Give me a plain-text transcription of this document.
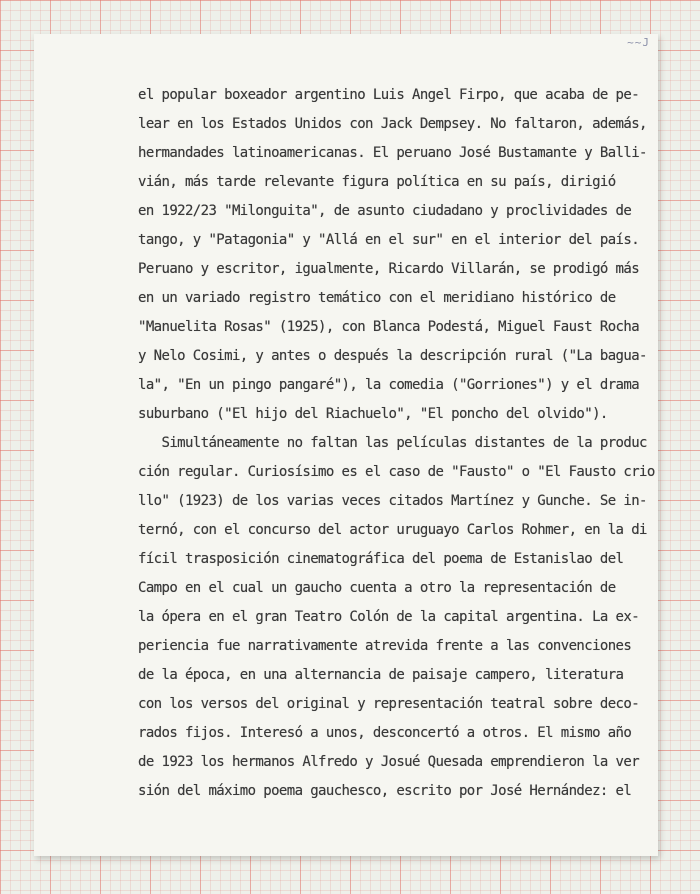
~~J
el popular boxeador argentino Luis Angel Firpo, que acaba de pe-
lear en los Estados Unidos con Jack Dempsey. No faltaron, además,
hermandades latinoamericanas. El peruano José Bustamante y Balli-
vián, más tarde relevante figura política en su país, dirigió
en 1922/23 "Milonguita", de asunto ciudadano y proclividades de
tango, y "Patagonia" y "Allá en el sur" en el interior del país.
Peruano y escritor, igualmente, Ricardo Villarán, se prodigó más
en un variado registro temático con el meridiano histórico de
"Manuelita Rosas" (1925), con Blanca Podestá, Miguel Faust Rocha
y Nelo Cosimi, y antes o después la descripción rural ("La bagua-
la", "En un pingo pangaré"), la comedia ("Gorriones") y el drama
suburbano ("El hijo del Riachuelo", "El poncho del olvido").
Simultáneamente no faltan las películas distantes de la produc
ción regular. Curiosísimo es el caso de "Fausto" o "El Fausto crio
llo" (1923) de los varias veces citados Martínez y Gunche. Se in-
ternó, con el concurso del actor uruguayo Carlos Rohmer, en la di
fícil trasposición cinematográfica del poema de Estanislao del
Campo en el cual un gaucho cuenta a otro la representación de
la ópera en el gran Teatro Colón de la capital argentina. La ex-
periencia fue narrativamente atrevida frente a las convenciones
de la época, en una alternancia de paisaje campero, literatura
con los versos del original y representación teatral sobre deco-
rados fijos. Interesó a unos, desconcertó a otros. El mismo año
de 1923 los hermanos Alfredo y Josué Quesada emprendieron la ver
sión del máximo poema gauchesco, escrito por José Hernández: el
